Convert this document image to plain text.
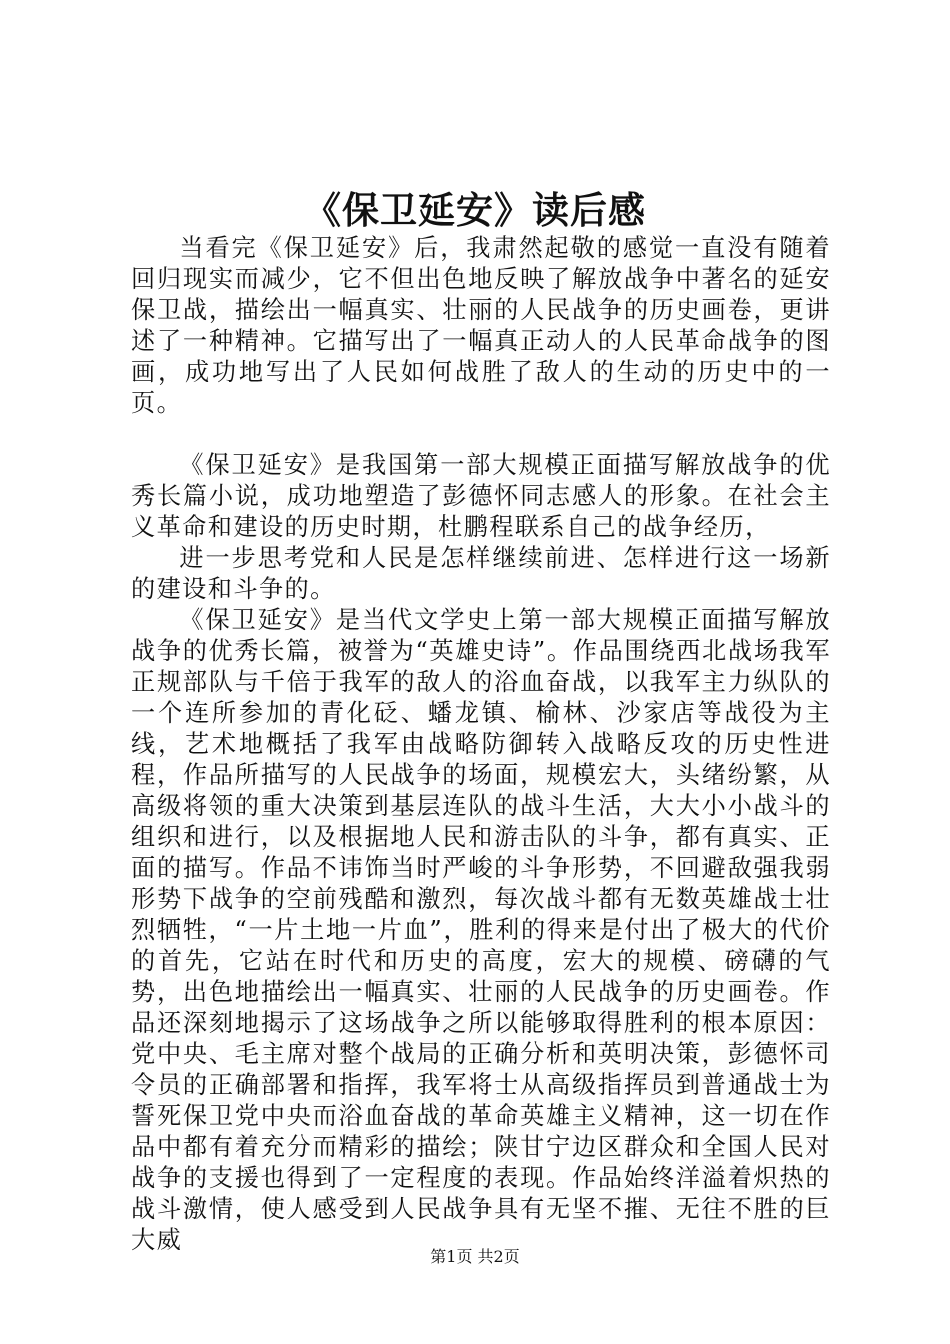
《保卫延安》读后感

当看完《保卫延安》后，我肃然起敬的感觉一直没有随着回归现实而减少，它不但出色地反映了解放战争中著名的延安保卫战，描绘出一幅真实、壮丽的人民战争的历史画卷，更讲述了一种精神。它描写出了一幅真正动人的人民革命战争的图画，成功地写出了人民如何战胜了敌人的生动的历史中的一页。

《保卫延安》是我国第一部大规模正面描写解放战争的优秀长篇小说，成功地塑造了彭德怀同志感人的形象。在社会主义革命和建设的历史时期，杜鹏程联系自己的战争经历，

进一步思考党和人民是怎样继续前进、怎样进行这一场新的建设和斗争的。

《保卫延安》是当代文学史上第一部大规模正面描写解放战争的优秀长篇，被誉为“英雄史诗”。作品围绕西北战场我军正规部队与千倍于我军的敌人的浴血奋战，以我军主力纵队的一个连所参加的青化砭、蟠龙镇、榆林、沙家店等战役为主线，艺术地概括了我军由战略防御转入战略反攻的历史性进程，作品所描写的人民战争的场面，规模宏大，头绪纷繁，从高级将领的重大决策到基层连队的战斗生活，大大小小战斗的组织和进行，以及根据地人民和游击队的斗争，都有真实、正面的描写。作品不讳饰当时严峻的斗争形势，不回避敌强我弱形势下战争的空前残酷和激烈，每次战斗都有无数英雄战士壮烈牺牲，“一片土地一片血”，胜利的得来是付出了极大的代价的首先，它站在时代和历史的高度，宏大的规模、磅礴的气势，出色地描绘出一幅真实、壮丽的人民战争的历史画卷。作品还深刻地揭示了这场战争之所以能够取得胜利的根本原因：党中央、毛主席对整个战局的正确分析和英明决策，彭德怀司令员的正确部署和指挥，我军将士从高级指挥员到普通战士为誓死保卫党中央而浴血奋战的革命英雄主义精神，这一切在作品中都有着充分而精彩的描绘；陕甘宁边区群众和全国人民对战争的支援也得到了一定程度的表现。作品始终洋溢着炽热的战斗激情，使人感受到人民战争具有无坚不摧、无往不胜的巨大威

第1页 共2页
